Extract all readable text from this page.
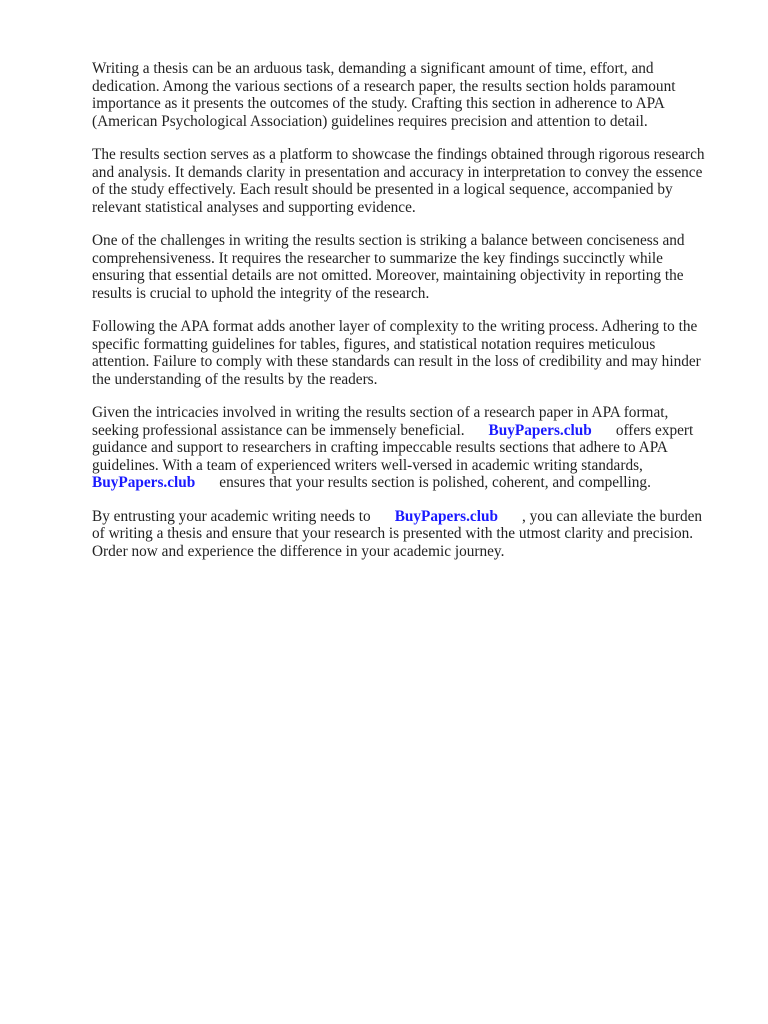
Writing a thesis can be an arduous task, demanding a significant amount of time, effort, and
dedication. Among the various sections of a research paper, the results section holds paramount
importance as it presents the outcomes of the study. Crafting this section in adherence to APA
(American Psychological Association) guidelines requires precision and attention to detail.

The results section serves as a platform to showcase the findings obtained through rigorous research
and analysis. It demands clarity in presentation and accuracy in interpretation to convey the essence
of the study effectively. Each result should be presented in a logical sequence, accompanied by
relevant statistical analyses and supporting evidence.

One of the challenges in writing the results section is striking a balance between conciseness and
comprehensiveness. It requires the researcher to summarize the key findings succinctly while
ensuring that essential details are not omitted. Moreover, maintaining objectivity in reporting the
results is crucial to uphold the integrity of the research.

Following the APA format adds another layer of complexity to the writing process. Adhering to the
specific formatting guidelines for tables, figures, and statistical notation requires meticulous
attention. Failure to comply with these standards can result in the loss of credibility and may hinder
the understanding of the results by the readers.

Given the intricacies involved in writing the results section of a research paper in APA format,
seeking professional assistance can be immensely beneficial. BuyPapers.club offers expert
guidance and support to researchers in crafting impeccable results sections that adhere to APA
guidelines. With a team of experienced writers well-versed in academic writing standards,
BuyPapers.club ensures that your results section is polished, coherent, and compelling.

By entrusting your academic writing needs to BuyPapers.club , you can alleviate the burden
of writing a thesis and ensure that your research is presented with the utmost clarity and precision.
Order now and experience the difference in your academic journey.
